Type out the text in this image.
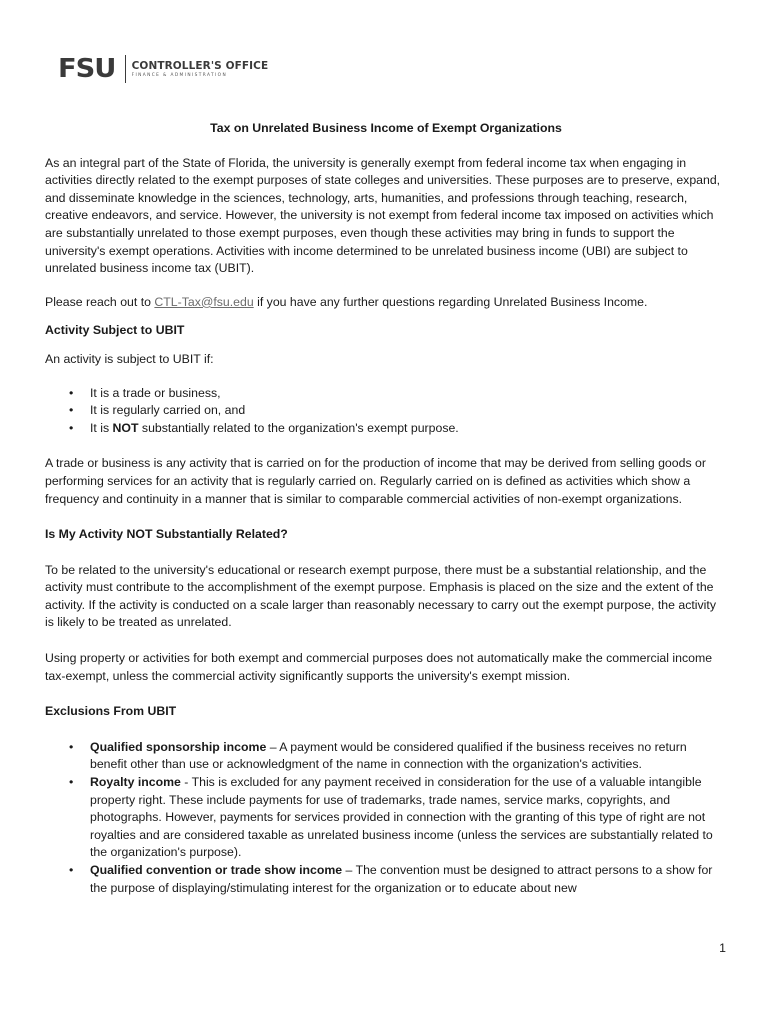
FSU CONTROLLER'S OFFICE
FINANCE & ADMINISTRATION

Tax on Unrelated Business Income of Exempt Organizations

As an integral part of the State of Florida, the university is generally exempt from federal income tax when engaging in activities directly related to the exempt purposes of state colleges and universities. These purposes are to preserve, expand, and disseminate knowledge in the sciences, technology, arts, humanities, and professions through teaching, research, creative endeavors, and service. However, the university is not exempt from federal income tax imposed on activities which are substantially unrelated to those exempt purposes, even though these activities may bring in funds to support the university's exempt operations. Activities with income determined to be unrelated business income (UBI) are subject to unrelated business income tax (UBIT).

Please reach out to CTL-Tax@fsu.edu if you have any further questions regarding Unrelated Business Income.

Activity Subject to UBIT

An activity is subject to UBIT if:

• It is a trade or business,
• It is regularly carried on, and
• It is NOT substantially related to the organization's exempt purpose.

A trade or business is any activity that is carried on for the production of income that may be derived from selling goods or performing services for an activity that is regularly carried on. Regularly carried on is defined as activities which show a frequency and continuity in a manner that is similar to comparable commercial activities of non-exempt organizations.

Is My Activity NOT Substantially Related?

To be related to the university's educational or research exempt purpose, there must be a substantial relationship, and the activity must contribute to the accomplishment of the exempt purpose. Emphasis is placed on the size and the extent of the activity. If the activity is conducted on a scale larger than reasonably necessary to carry out the exempt purpose, the activity is likely to be treated as unrelated.

Using property or activities for both exempt and commercial purposes does not automatically make the commercial income tax-exempt, unless the commercial activity significantly supports the university's exempt mission.

Exclusions From UBIT

• Qualified sponsorship income – A payment would be considered qualified if the business receives no return benefit other than use or acknowledgment of the name in connection with the organization's activities.
• Royalty income - This is excluded for any payment received in consideration for the use of a valuable intangible property right. These include payments for use of trademarks, trade names, service marks, copyrights, and photographs. However, payments for services provided in connection with the granting of this type of right are not royalties and are considered taxable as unrelated business income (unless the services are substantially related to the organization's purpose).
• Qualified convention or trade show income – The convention must be designed to attract persons to a show for the purpose of displaying/stimulating interest for the organization or to educate about new
1
